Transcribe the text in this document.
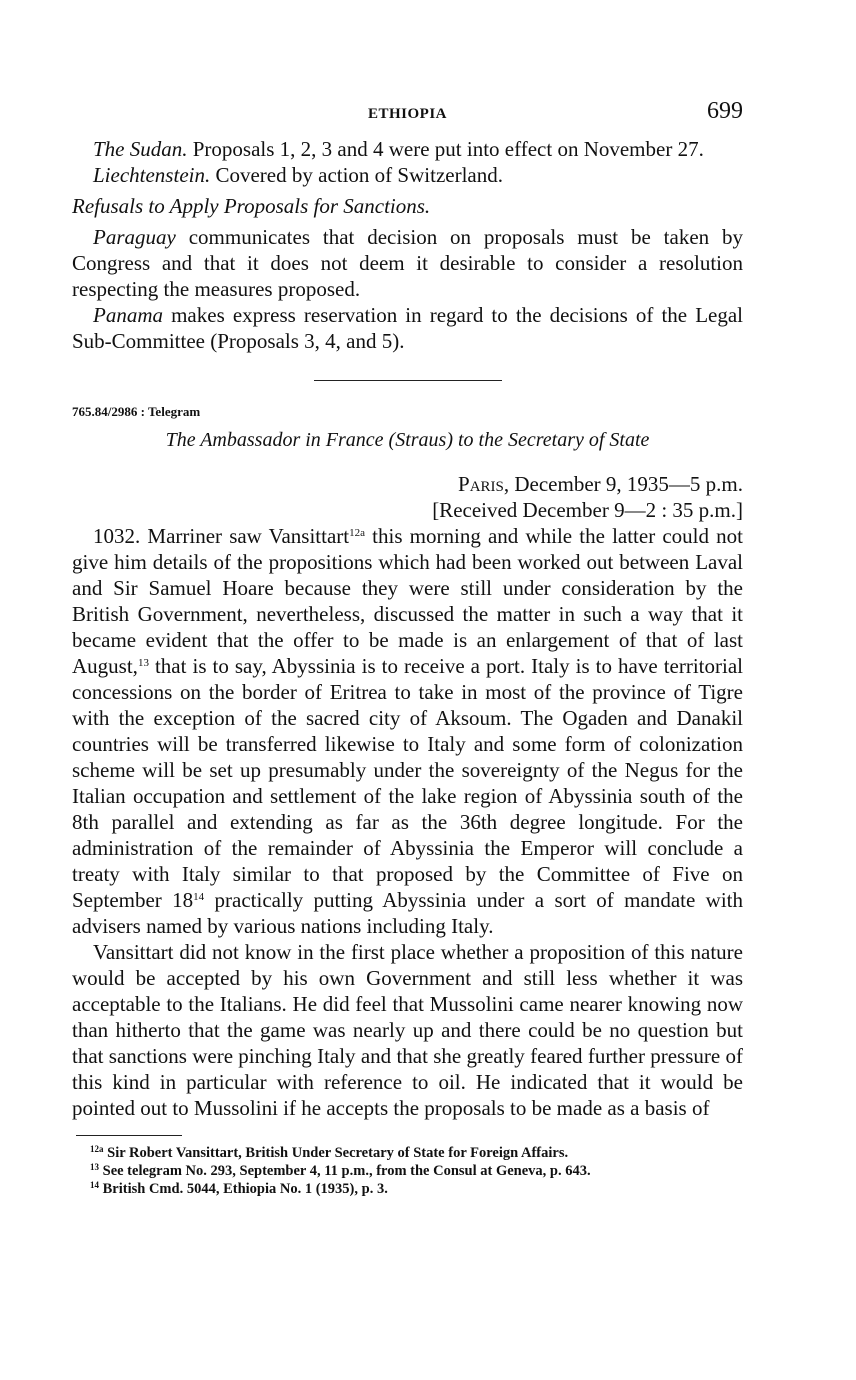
ETHIOPIA	699

The Sudan. Proposals 1, 2, 3 and 4 were put into effect on November 27.

Liechtenstein. Covered by action of Switzerland.

Refusals to Apply Proposals for Sanctions.

Paraguay communicates that decision on proposals must be taken by Congress and that it does not deem it desirable to consider a resolution respecting the measures proposed.

Panama makes express reservation in regard to the decisions of the Legal Sub-Committee (Proposals 3, 4, and 5).

765.84/2986 : Telegram
The Ambassador in France (Straus) to the Secretary of State
Paris, December 9, 1935—5 p.m.
[Received December 9—2 : 35 p.m.]

1032. Marriner saw Vansittart$^{12a}$ this morning and while the latter could not give him details of the propositions which had been worked out between Laval and Sir Samuel Hoare because they were still under consideration by the British Government, nevertheless, discussed the matter in such a way that it became evident that the offer to be made is an enlargement of that of last August,$^{13}$ that is to say, Abyssinia is to receive a port. Italy is to have territorial concessions on the border of Eritrea to take in most of the province of Tigre with the exception of the sacred city of Aksoum. The Ogaden and Danakil countries will be transferred likewise to Italy and some form of colonization scheme will be set up presumably under the sovereignty of the Negus for the Italian occupation and settlement of the lake region of Abyssinia south of the 8th parallel and extending as far as the 36th degree longitude. For the administration of the remainder of Abyssinia the Emperor will conclude a treaty with Italy similar to that proposed by the Committee of Five on September $18^{14}$ practically putting Abyssinia under a sort of mandate with advisers named by various nations including Italy.

Vansittart did not know in the first place whether a proposition of this nature would be accepted by his own Government and still less whether it was acceptable to the Italians. He did feel that Mussolini came nearer knowing now than hitherto that the game was nearly up and there could be no question but that sanctions were pinching Italy and that she greatly feared further pressure of this kind in particular with reference to oil. He indicated that it would be pointed out to Mussolini if he accepts the proposals to be made as a basis of

$^{12a}$ Sir Robert Vansittart, British Under Secretary of State for Foreign Affairs.

$^{13}$ See telegram No. 293, September 4, 11 p.m., from the Consul at Geneva, p. 643.

$^{14}$ British Cmd. 5044, Ethiopia No. 1 (1935), p. 3.
